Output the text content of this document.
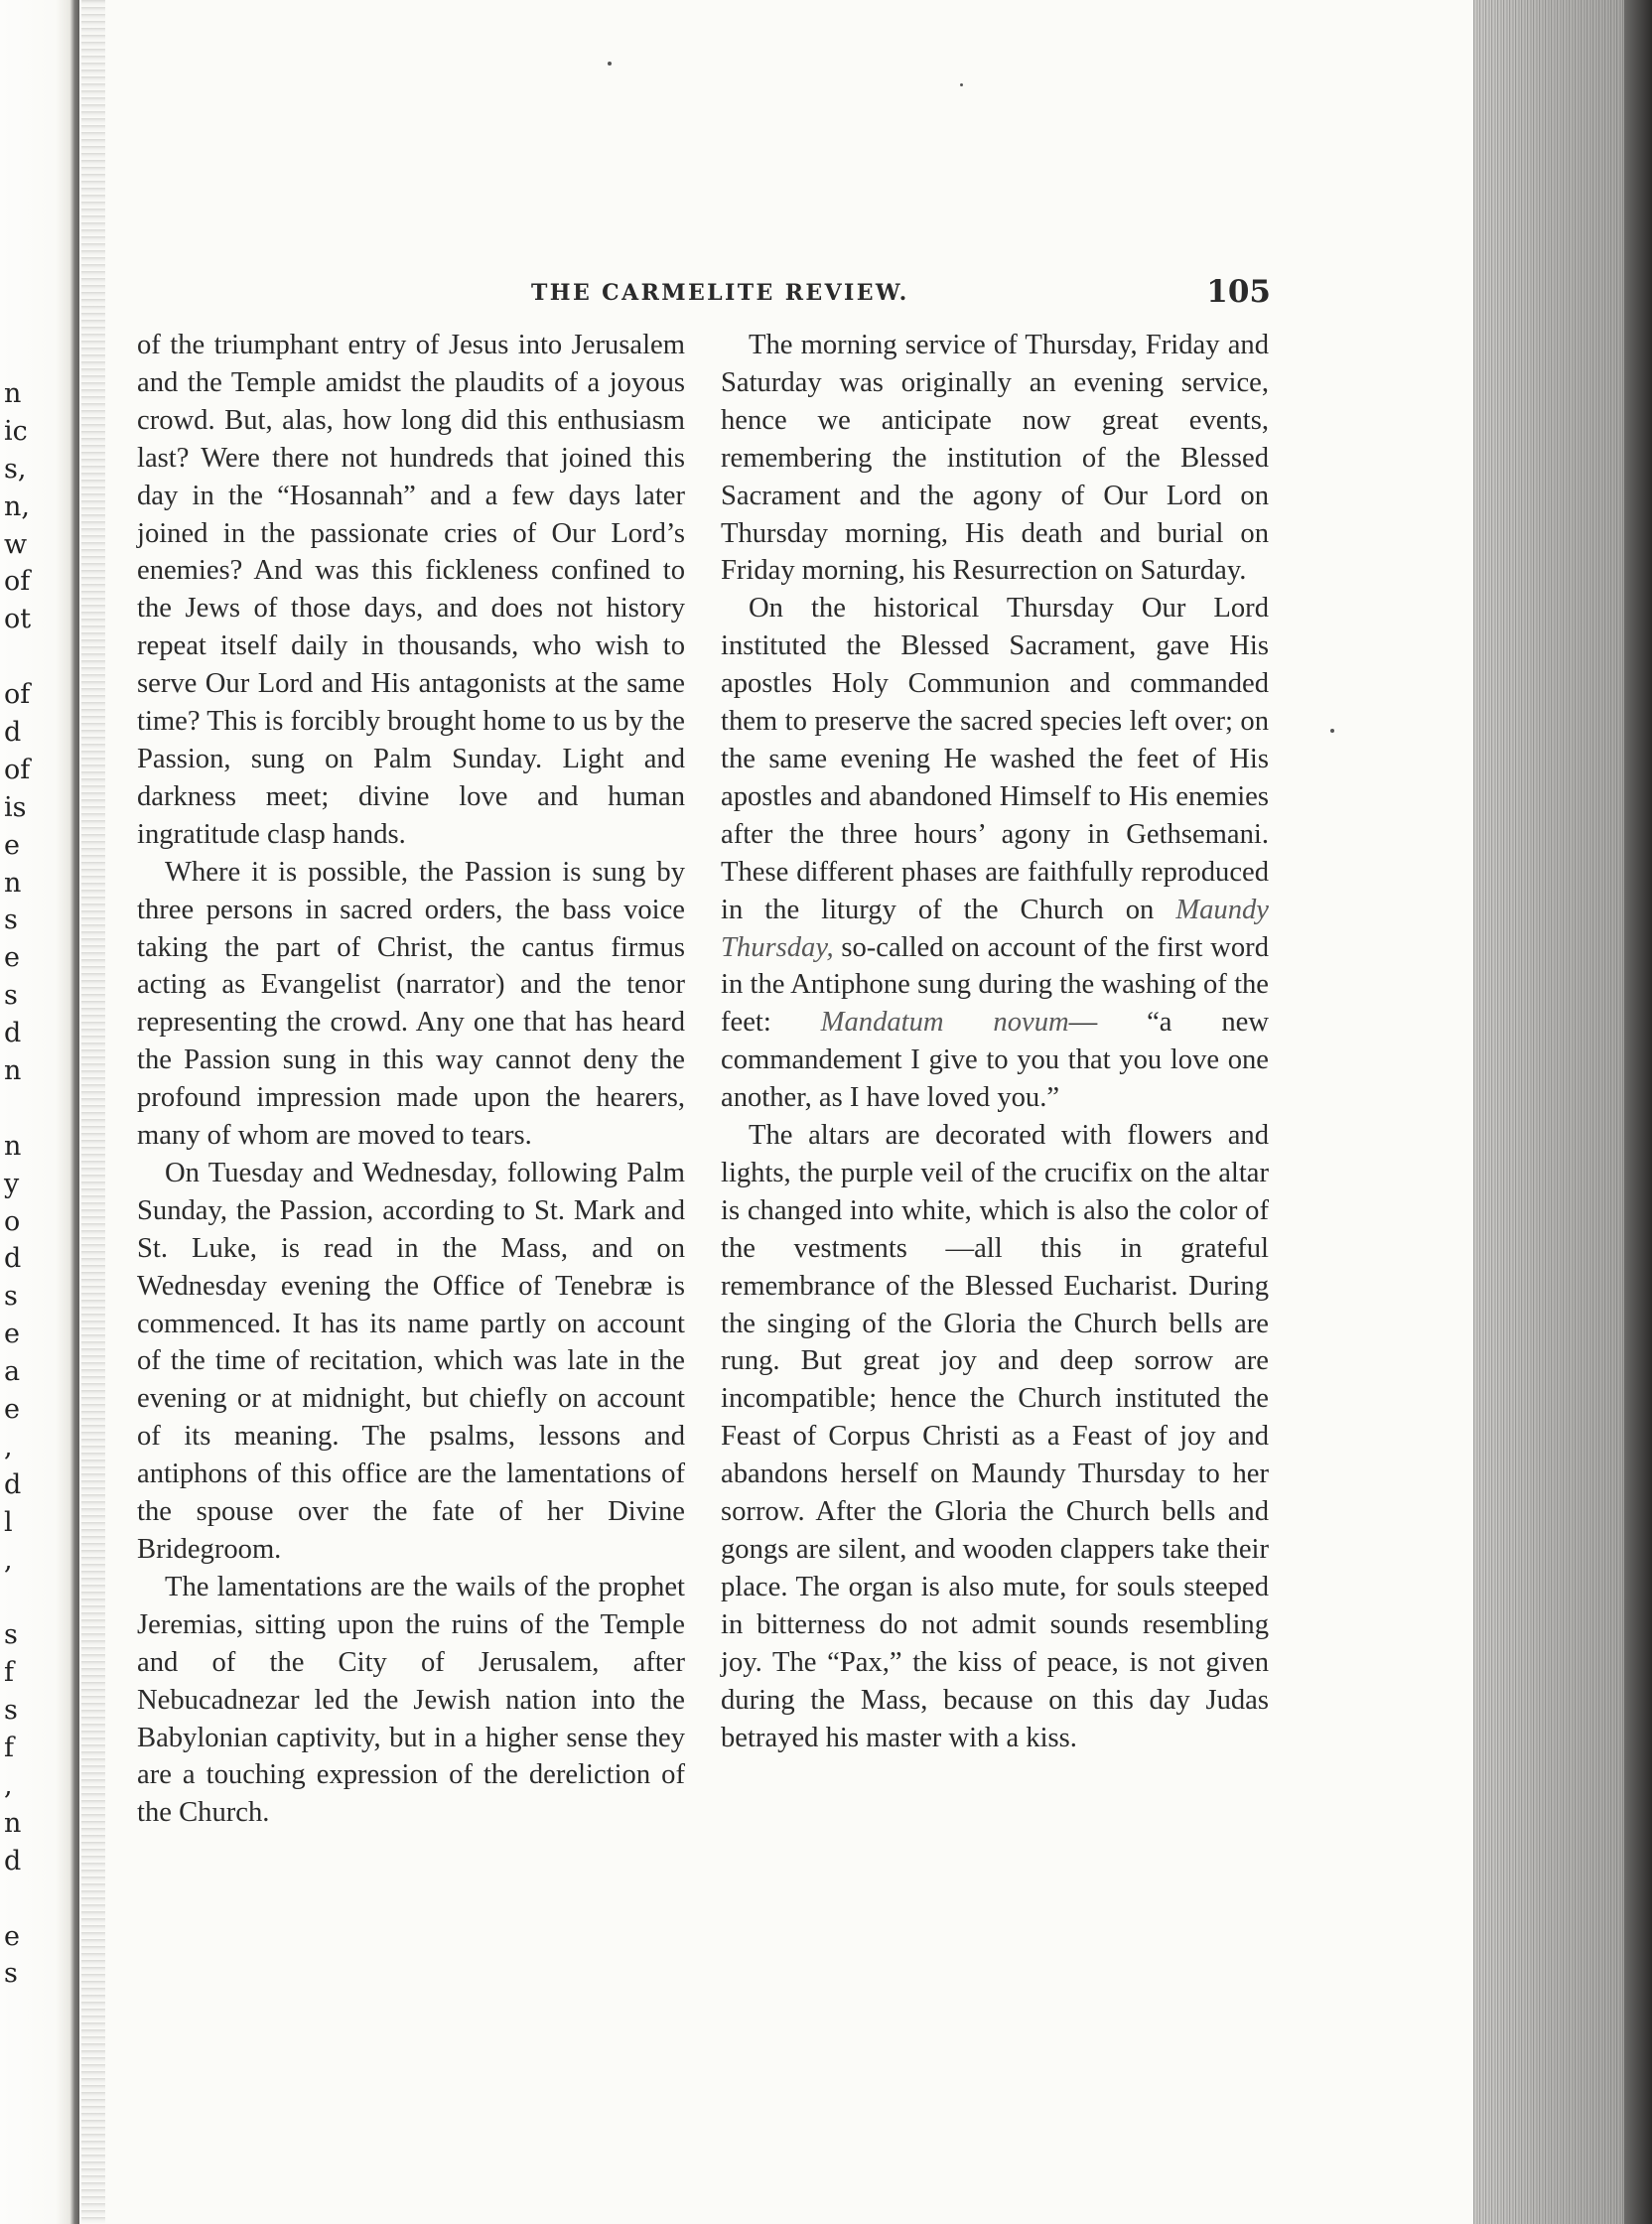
n
ic
s,
n,
w
of
ot
of
d
of
is
e
n
s
e
s
d
n
n
y
o
d
s
e
a
e
,
d
l
,
s
f
s
f
,
n
d
e
s
THE CARMELITE REVIEW.	105

of the triumphant entry of Jesus into Jerusalem and the Temple amidst the plaudits of a joyous crowd. But, alas, how long did this enthusiasm last? Were there not hundreds that joined this day in the “Hosannah” and a few days later joined in the passionate cries of Our Lord’s enemies? And was this fickleness confined to the Jews of those days, and does not history repeat itself daily in thousands, who wish to serve Our Lord and His antagonists at the same time? This is forcibly brought home to us by the Passion, sung on Palm Sunday. Light and darkness meet; divine love and human ingratitude clasp hands.

Where it is possible, the Passion is sung by three persons in sacred orders, the bass voice taking the part of Christ, the cantus firmus acting as Evangelist (narrator) and the tenor representing the crowd. Any one that has heard the Passion sung in this way cannot deny the profound impression made upon the hearers, many of whom are moved to tears.

On Tuesday and Wednesday, following Palm Sunday, the Passion, according to St. Mark and St. Luke, is read in the Mass, and on Wednesday evening the Office of Tenebræ is commenced. It has its name partly on account of the time of recitation, which was late in the evening or at midnight, but chiefly on account of its meaning. The psalms, lessons and antiphons of this office are the lamentations of the spouse over the fate of her Divine Bridegroom.

The lamentations are the wails of the prophet Jeremias, sitting upon the ruins of the Temple and of the City of Jerusalem, after Nebucadnezar led the Jewish nation into the Babylonian captivity, but in a higher sense they are a touching expression of the dereliction of the Church.

The morning service of Thursday, Friday and Saturday was originally an evening service, hence we anticipate now great events, remembering the institution of the Blessed Sacrament and the agony of Our Lord on Thursday morning, His death and burial on Friday morning, his Resurrection on Saturday.

On the historical Thursday Our Lord instituted the Blessed Sacrament, gave His apostles Holy Communion and commanded them to preserve the sacred species left over; on the same evening He washed the feet of His apostles and abandoned Himself to His enemies after the three hours’ agony in Gethsemani. These different phases are faithfully reproduced in the liturgy of the Church on Maundy Thursday, so-called on account of the first word in the Antiphone sung during the washing of the feet: Mandatum novum— “a new commandement I give to you that you love one another, as I have loved you.”

The altars are decorated with flowers and lights, the purple veil of the crucifix on the altar is changed into white, which is also the color of the vestments —all this in grateful remembrance of the Blessed Eucharist. During the singing of the Gloria the Church bells are rung. But great joy and deep sorrow are incompatible; hence the Church instituted the Feast of Corpus Christi as a Feast of joy and abandons herself on Maundy Thursday to her sorrow. After the Gloria the Church bells and gongs are silent, and wooden clappers take their place. The organ is also mute, for souls steeped in bitterness do not admit sounds resembling joy. The “Pax,” the kiss of peace, is not given during the Mass, because on this day Judas betrayed his master with a kiss.
